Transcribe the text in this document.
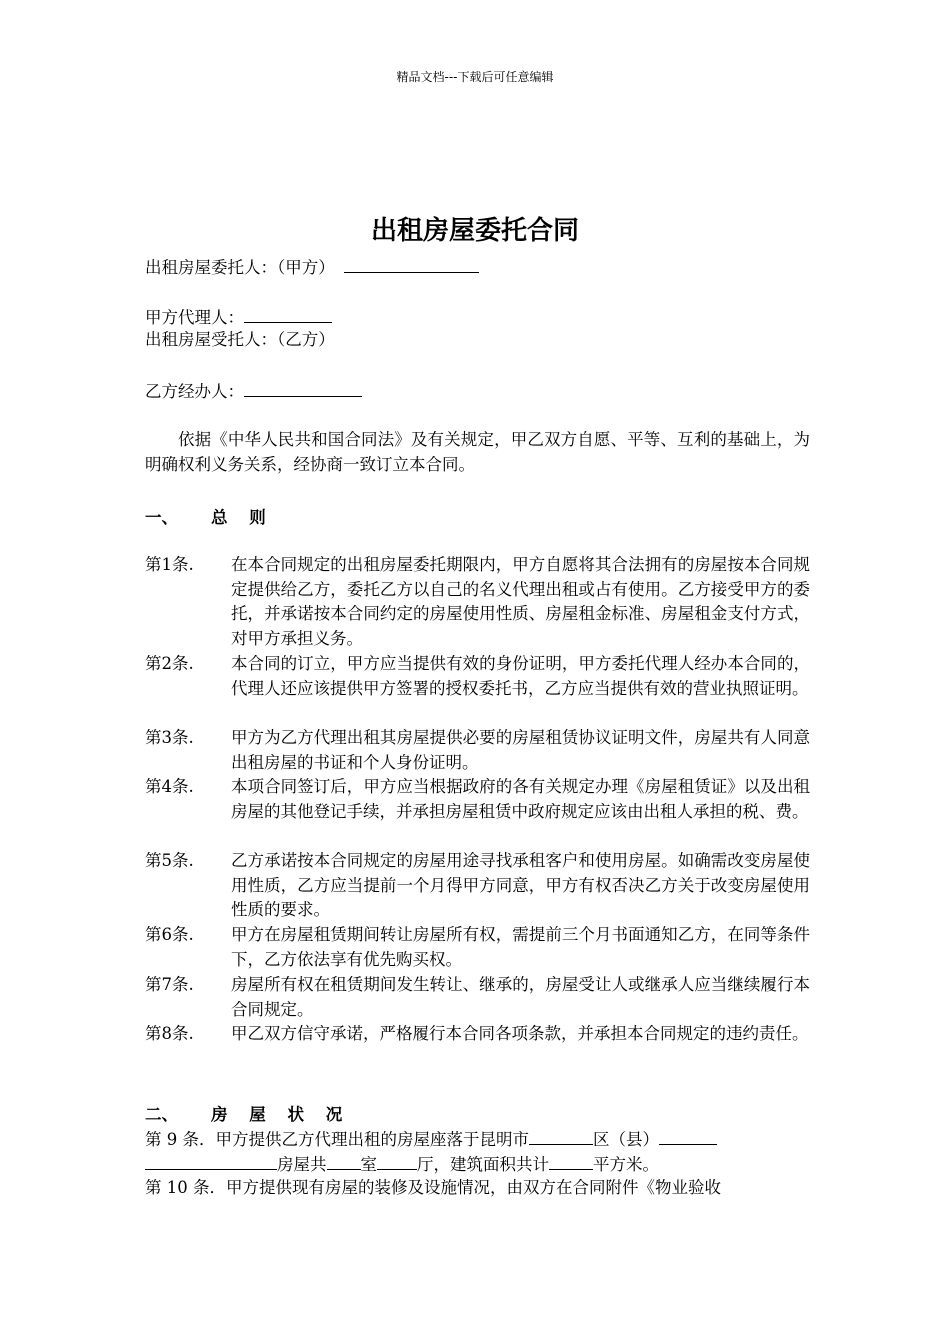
精品文档---下载后可任意编辑
出租房屋委托合同
出租房屋委托人：（甲方）
甲方代理人：
出租房屋受托人：（乙方）
乙方经办人：
依据《中华人民共和国合同法》及有关规定，甲乙双方自愿、平等、互利的基础上，为明确权利义务关系，经协商一致订立本合同。
一、 总 则
第1条.	在本合同规定的出租房屋委托期限内，甲方自愿将其合法拥有的房屋按本合同规定提供给乙方，委托乙方以自己的名义代理出租或占有使用。乙方接受甲方的委托，并承诺按本合同约定的房屋使用性质、房屋租金标准、房屋租金支付方式，对甲方承担义务。
第2条.	本合同的订立，甲方应当提供有效的身份证明，甲方委托代理人经办本合同的，代理人还应该提供甲方签署的授权委托书，乙方应当提供有效的营业执照证明。
第3条.	甲方为乙方代理出租其房屋提供必要的房屋租赁协议证明文件，房屋共有人同意出租房屋的书证和个人身份证明。
第4条.	本项合同签订后，甲方应当根据政府的各有关规定办理《房屋租赁证》以及出租房屋的其他登记手续，并承担房屋租赁中政府规定应该由出租人承担的税、费。
第5条.	乙方承诺按本合同规定的房屋用途寻找承租客户和使用房屋。如确需改变房屋使用性质，乙方应当提前一个月得甲方同意，甲方有权否决乙方关于改变房屋使用性质的要求。
第6条.	甲方在房屋租赁期间转让房屋所有权，需提前三个月书面通知乙方，在同等条件下，乙方依法享有优先购买权。
第7条.	房屋所有权在租赁期间发生转让、继承的，房屋受让人或继承人应当继续履行本合同规定。
第8条.	甲乙双方信守承诺，严格履行本合同各项条款，并承担本合同规定的违约责任。
二、 房 屋 状 况
第 9 条．甲方提供乙方代理出租的房屋座落于昆明市	区（县）
房屋共 室 厅，建筑面积共计	平方米。
第 10 条．甲方提供现有房屋的装修及设施情况，由双方在合同附件《物业验收
